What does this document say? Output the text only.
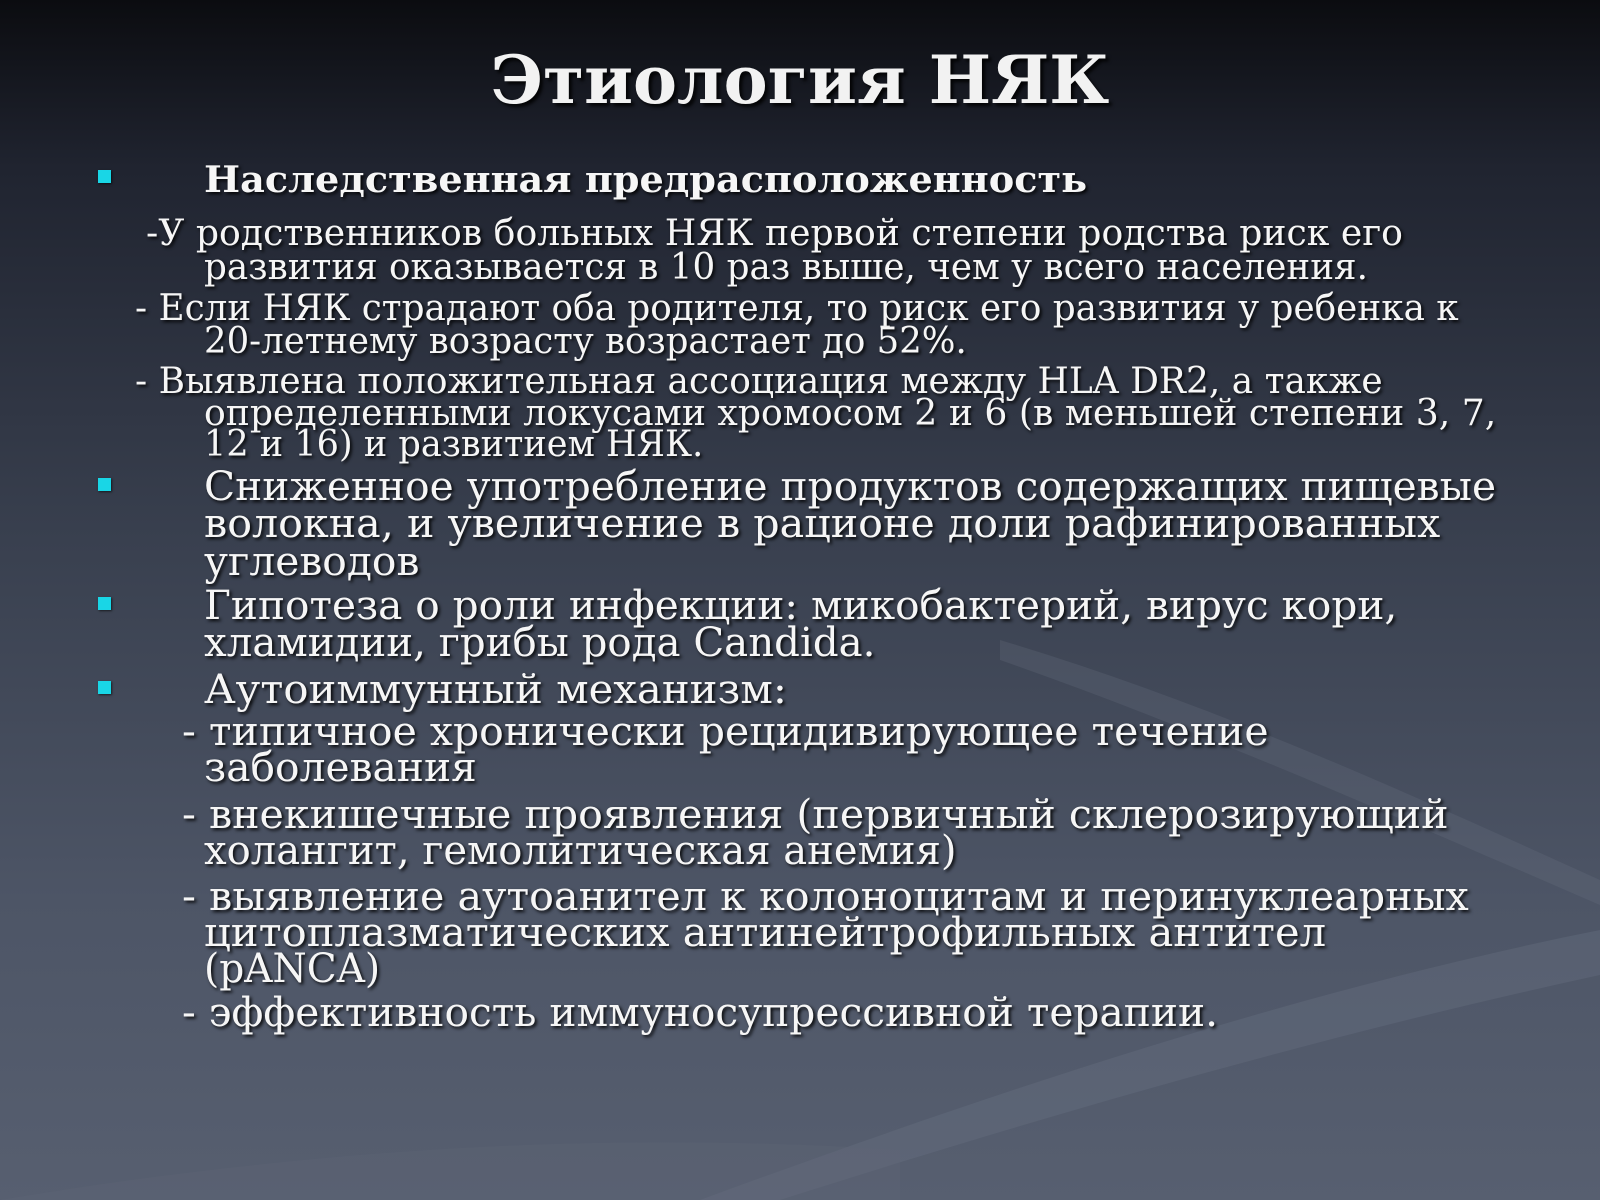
Этиология НЯК
Наследственная предрасположенность
-У родственников больных НЯК первой степени родства риск его
развития оказывается в 10 раз выше, чем у всего населения.
- Если НЯК страдают оба родителя, то риск его развития у ребенка к
20-летнему возрасту возрастает до 52%.
- Выявлена положительная ассоциация между HLA DR2, а также
определенными локусами хромосом 2 и 6 (в меньшей степени 3, 7,
12 и 16) и развитием НЯК.
Сниженное употребление продуктов содержащих пищевые
волокна, и увеличение в рационе доли рафинированных
углеводов
Гипотеза о роли инфекции: микобактерий, вирус кори,
хламидии, грибы рода Candida.
Аутоиммунный механизм:
- типичное хронически рецидивирующее течение
заболевания
- внекишечные проявления (первичный склерозирующий
холангит, гемолитическая анемия)
- выявление аутоанител к колоноцитам и перинуклеарных
цитоплазматических антинейтрофильных антител
(pANCA)
- эффективность иммуносупрессивной терапии.
